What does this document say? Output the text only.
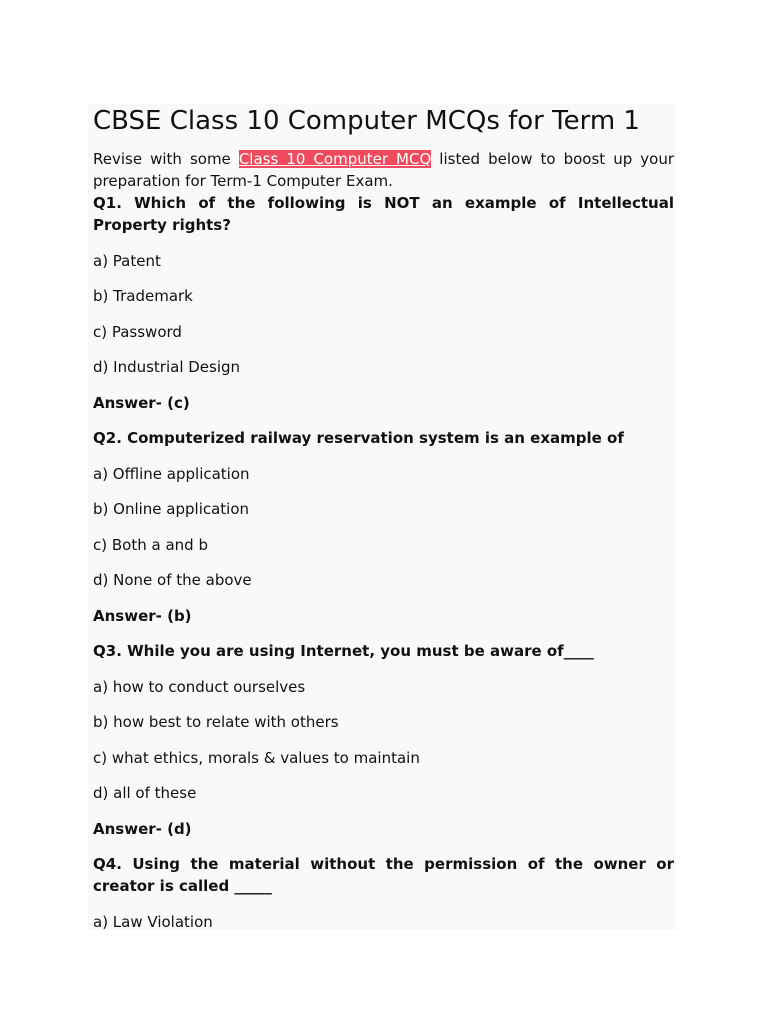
CBSE Class 10 Computer MCQs for Term 1

Revise with some Class 10 Computer MCQ listed below to boost up your preparation for Term-1 Computer Exam.

Q1. Which of the following is NOT an example of Intellectual Property rights?

a) Patent

b) Trademark

c) Password

d) Industrial Design

Answer- (c)

Q2. Computerized railway reservation system is an example of

a) Offline application

b) Online application

c) Both a and b

d) None of the above

Answer- (b)

Q3. While you are using Internet, you must be aware of____

a) how to conduct ourselves

b) how best to relate with others

c) what ethics, morals & values to maintain

d) all of these

Answer- (d)

Q4. Using the material without the permission of the owner or creator is called _____

a) Law Violation
